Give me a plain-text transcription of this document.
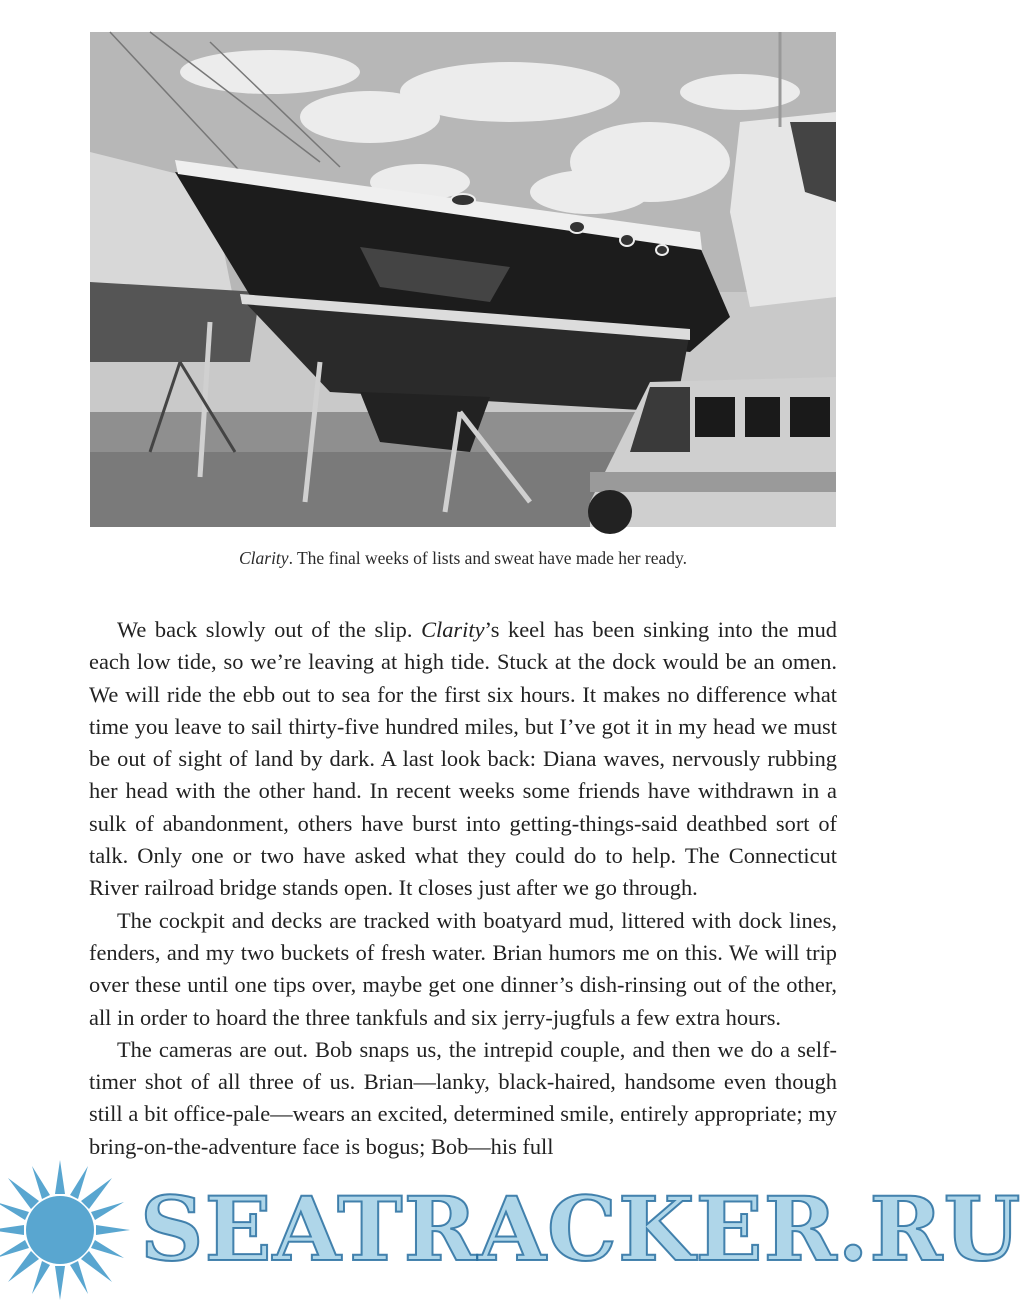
Clarity. The final weeks of lists and sweat have made her ready.

We back slowly out of the slip. Clarity’s keel has been sinking into the mud each low tide, so we’re leaving at high tide. Stuck at the dock would be an omen. We will ride the ebb out to sea for the first six hours. It makes no difference what time you leave to sail thirty-five hundred miles, but I’ve got it in my head we must be out of sight of land by dark. A last look back: Diana waves, nervously rubbing her head with the other hand. In recent weeks some friends have withdrawn in a sulk of abandonment, others have burst into getting-things-said deathbed sort of talk. Only one or two have asked what they could do to help. The Connecticut River railroad bridge stands open. It closes just after we go through.

The cockpit and decks are tracked with boatyard mud, littered with dock lines, fenders, and my two buckets of fresh water. Brian humors me on this. We will trip over these until one tips over, maybe get one dinner’s dish-rinsing out of the other, all in order to hoard the three tankfuls and six jerry-jugfuls a few extra hours.

The cameras are out. Bob snaps us, the intrepid couple, and then we do a self-timer shot of all three of us. Brian—lanky, black-haired, handsome even though still a bit office-pale—wears an excited, determined smile, entirely appropriate; my bring-on-the-adventure face is bogus; Bob—his full

SEATRACKER.RU
